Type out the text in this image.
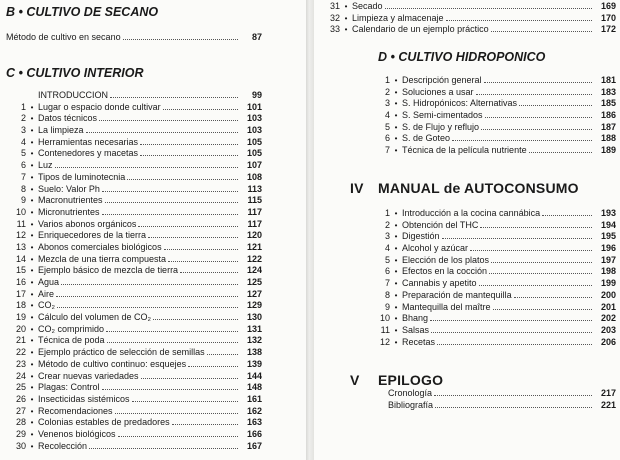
B • CULTIVO DE SECANO
Método de cultivo en secano	87
C • CULTIVO INTERIOR
INTRODUCCION	99
1 • Lugar o espacio donde cultivar	101
2 • Datos técnicos	103
3 • La limpieza	103
4 • Herramientas necesarias	105
5 • Contenedores y macetas	105
6 • Luz	107
7 • Tipos de luminotecnia	108
8 • Suelo: Valor Ph	113
9 • Macronutrientes	115
10 • Micronutrientes	117
11 • Varios abonos orgánicos	117
12 • Enriquecedores de la tierra	120
13 • Abonos comerciales biológicos	121
14 • Mezcla de una tierra compuesta	122
15 • Ejemplo básico de mezcla de tierra	124
16 • Agua	125
17 • Aire	127
18 • CO₂	129
19 • Cálculo del volumen de CO₂	130
20 • CO₂ comprimido	131
21 • Técnica de poda	132
22 • Ejemplo práctico de selección de semillas	138
23 • Método de cultivo continuo: esquejes	139
24 • Crear nuevas variedades	144
25 • Plagas: Control	148
26 • Insecticidas sistémicos	161
27 • Recomendaciones	162
28 • Colonias estables de predadores	163
29 • Venenos biológicos	166
30 • Recolección	167
31 • Secado	169
32 • Limpieza y almacenaje	170
33 • Calendario de un ejemplo práctico	172
D • CULTIVO HIDROPONICO
1 • Descripción general	181
2 • Soluciones a usar	183
3 • S. Hidropónicos: Alternativas	185
4 • S. Semi-cimentados	186
5 • S. de Flujo y reflujo	187
6 • S. de Goteo	188
7 • Técnica de la película nutriente	189
IV MANUAL de AUTOCONSUMO
1 • Introducción a la cocina cannábica	193
2 • Obtención del THC	194
3 • Digestión	195
4 • Alcohol y azúcar	196
5 • Elección de los platos	197
6 • Efectos en la cocción	198
7 • Cannabis y apetito	199
8 • Preparación de mantequilla	200
9 • Mantequilla del maître	201
10 • Bhang	202
11 • Salsas	203
12 • Recetas	206
V EPILOGO
Cronología	217
Bibliografía	221
